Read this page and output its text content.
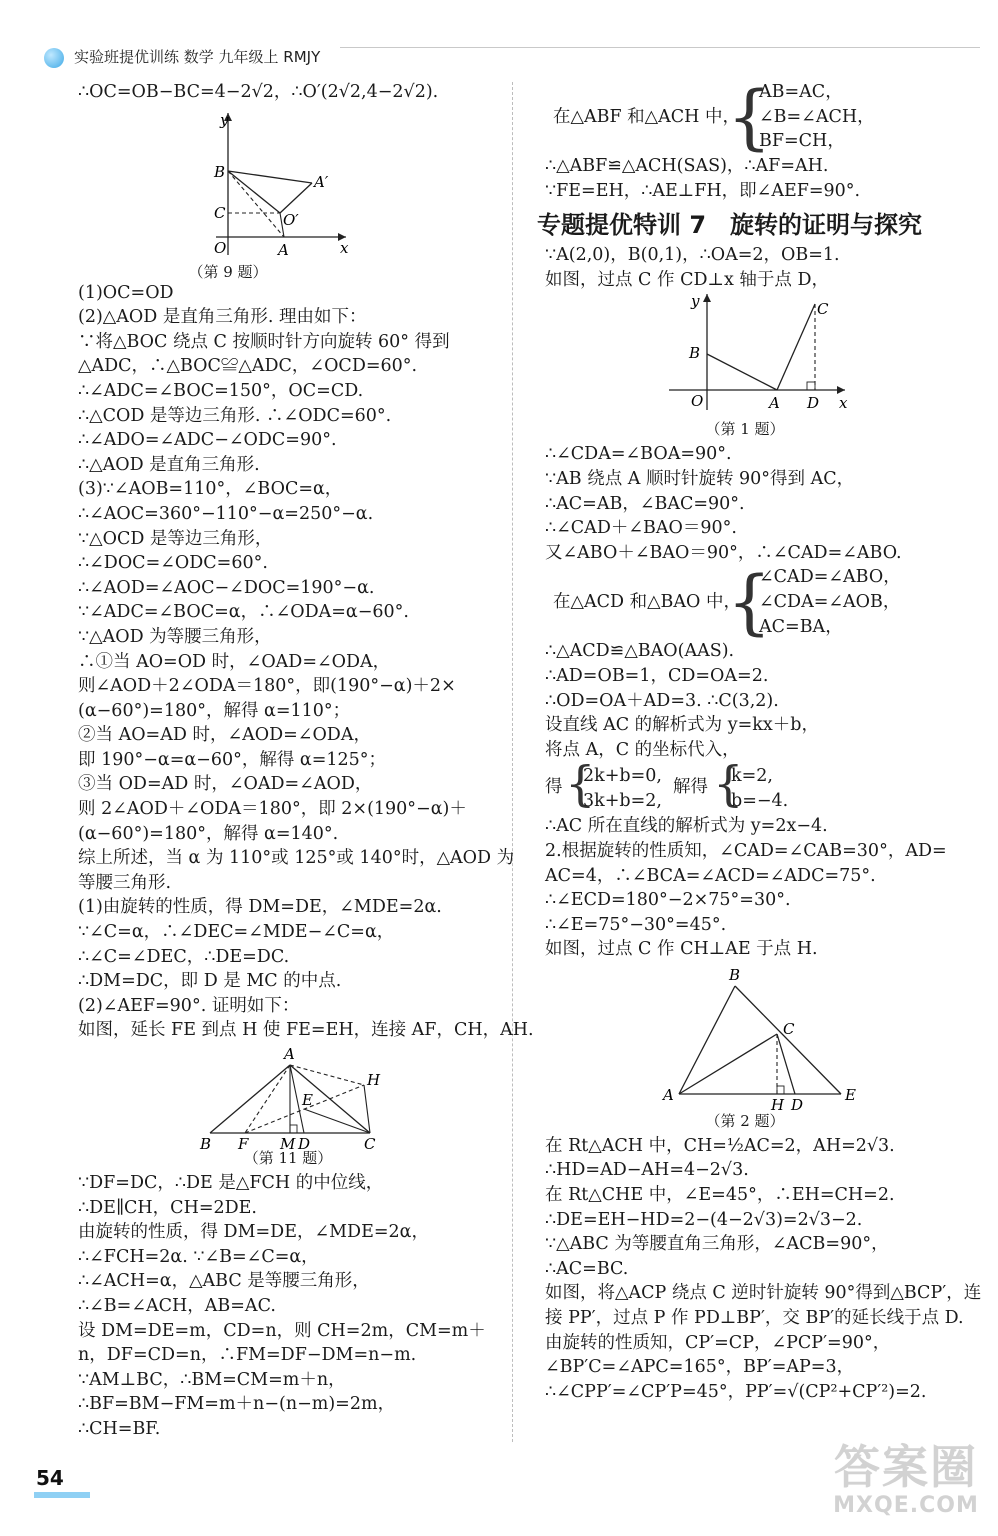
实验班提优训练 数学 九年级上 RMJY
∴OC=OB−BC=4−2√2，∴O′(2√2,4−2√2).
y
B
A′
C	O′
O	A	x
（第 9 题）
(1)OC=OD
(2)△AOD 是直角三角形. 理由如下：
∵将△BOC 绕点 C 按顺时针方向旋转 60° 得到
△ADC，∴△BOC≌△ADC，∠OCD=60°.
∴∠ADC=∠BOC=150°，OC=CD.
∴△COD 是等边三角形. ∴∠ODC=60°.
∴∠ADO=∠ADC−∠ODC=90°.
∴△AOD 是直角三角形.
(3)∵∠AOB=110°，∠BOC=α，
∴∠AOC=360°−110°−α=250°−α.
∵△OCD 是等边三角形，
∴∠DOC=∠ODC=60°.
∴∠AOD=∠AOC−∠DOC=190°−α.
∵∠ADC=∠BOC=α，∴∠ODA=α−60°.
∵△AOD 为等腰三角形，
∴①当 AO=OD 时，∠OAD=∠ODA，
则∠AOD＋2∠ODA＝180°，即(190°−α)＋2×
(α−60°)=180°，解得 α=110°；
②当 AO=AD 时，∠AOD=∠ODA，
即 190°−α=α−60°，解得 α=125°；
③当 OD=AD 时，∠OAD=∠AOD，
则 2∠AOD＋∠ODA＝180°，即 2×(190°−α)＋
(α−60°)=180°，解得 α=140°.
综上所述，当 α 为 110°或 125°或 140°时，△AOD 为
等腰三角形.
(1)由旋转的性质，得 DM=DE，∠MDE=2α.
∵∠C=α，∴∠DEC=∠MDE−∠C=α，
∴∠C=∠DEC，∴DE=DC.
∴DM=DC，即 D 是 MC 的中点.
(2)∠AEF=90°. 证明如下：
如图，延长 FE 到点 H 使 FE=EH，连接 AF，CH，AH.
A
H
E
B F M D	C
（第 11 题）
∵DF=DC，∴DE 是△FCH 的中位线，
∴DE∥CH，CH=2DE.
由旋转的性质，得 DM=DE，∠MDE=2α，
∴∠FCH=2α. ∵∠B=∠C=α，
∴∠ACH=α，△ABC 是等腰三角形，
∴∠B=∠ACH，AB=AC.
设 DM=DE=m，CD=n，则 CH=2m，CM=m＋
n，DF=CD=n，∴FM=DF−DM=n−m.
∵AM⊥BC，∴BM=CM=m＋n，
∴BF=BM−FM=m＋n−(n−m)=2m，
∴CH=BF.
在△ABF 和△ACH 中，
{
AB=AC，
∠B=∠ACH，
BF=CH，
∴△ABF≌△ACH(SAS)，∴AF=AH.
∵FE=EH，∴AE⊥FH，即∠AEF=90°.
专题提优特训 7　旋转的证明与探究
∵A(2,0)，B(0,1)，∴OA=2，OB=1.
如图，过点 C 作 CD⊥x 轴于点 D，
y	C
B
O	A D x
（第 1 题）
∴∠CDA=∠BOA=90°.
∵AB 绕点 A 顺时针旋转 90°得到 AC，
∴AC=AB，∠BAC=90°.
∴∠CAD＋∠BAO＝90°.
又∠ABO＋∠BAO＝90°，∴∠CAD=∠ABO.
在△ACD 和△BAO 中，
{
∠CAD=∠ABO，
∠CDA=∠AOB，
AC=BA，
∴△ACD≌△BAO(AAS).
∴AD=OB=1，CD=OA=2.
∴OD=OA＋AD=3. ∴C(3,2).
设直线 AC 的解析式为 y=kx＋b，
将点 A，C 的坐标代入，
得 {
2k+b=0,
3k+b=2,
解得 {
k=2,
b=−4.
∴AC 所在直线的解析式为 y=2x−4.
2.根据旋转的性质知，∠CAD=∠CAB=30°，AD=
AC=4，∴∠BCA=∠ACD=∠ADC=75°.
∴∠ECD=180°−2×75°=30°.
∴∠E=75°−30°=45°.
如图，过点 C 作 CH⊥AE 于点 H.
B
C
A
H D
E
（第 2 题）
在 Rt△ACH 中，CH=½AC=2，AH=2√3.
∴HD=AD−AH=4−2√3.
在 Rt△CHE 中，∠E=45°，∴EH=CH=2.
∴DE=EH−HD=2−(4−2√3)=2√3−2.
∵△ABC 为等腰直角三角形，∠ACB=90°，
∴AC=BC.
如图，将△ACP 绕点 C 逆时针旋转 90°得到△BCP′，连
接 PP′，过点 P 作 PD⊥BP′，交 BP′的延长线于点 D.
由旋转的性质知，CP′=CP，∠PCP′=90°，
∠BP′C=∠APC=165°，BP′=AP=3，
∴∠CPP′=∠CP′P=45°，PP′=√(CP²+CP′²)=2.
54	答案圈
MXQE.COM
